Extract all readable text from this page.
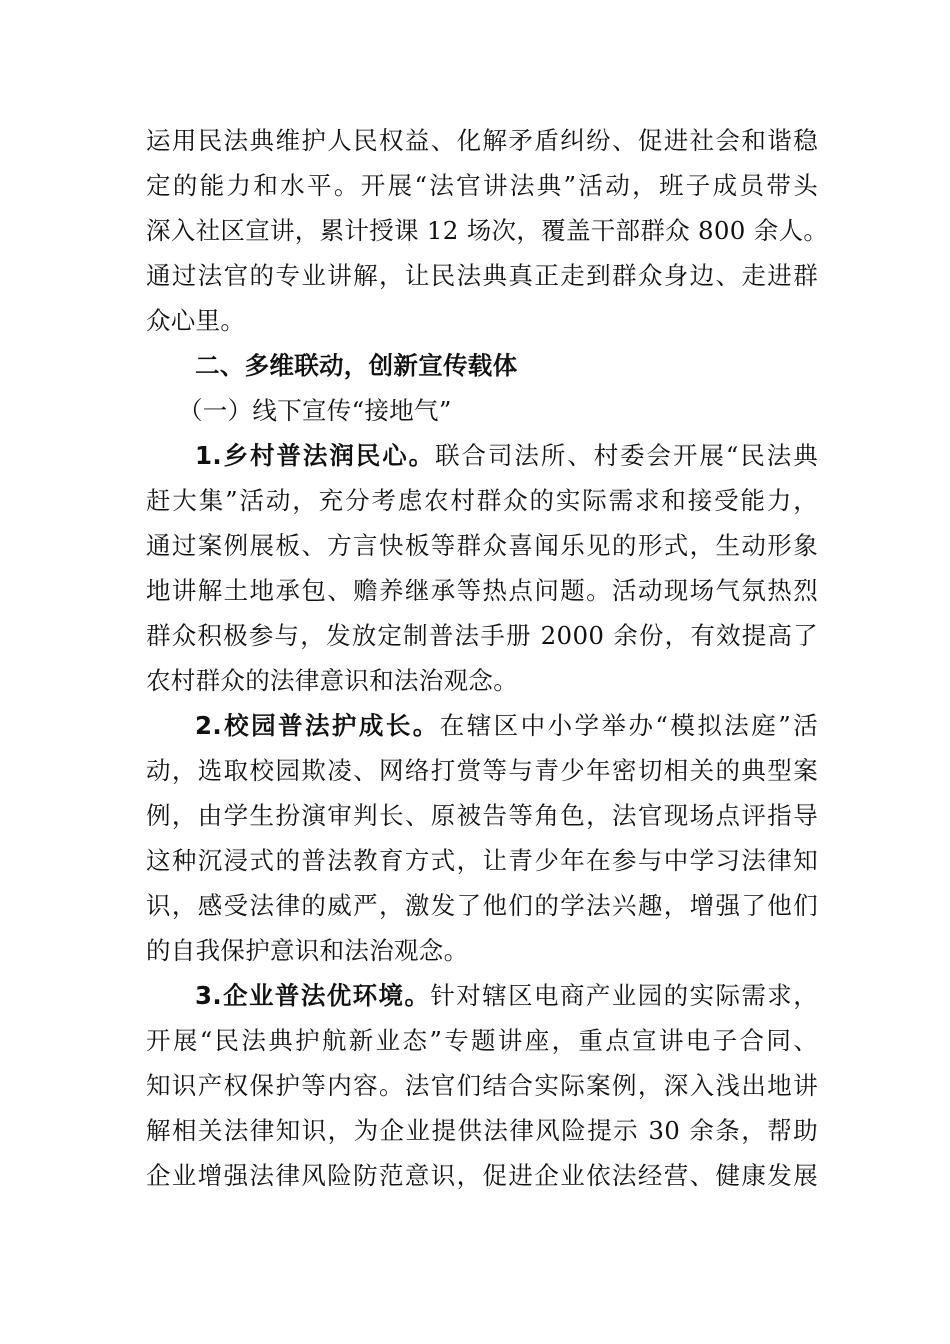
运用民法典维护人民权益、化解矛盾纠纷、促进社会和谐稳
定的能力和水平。开展“法官讲法典”活动，班子成员带头
深入社区宣讲，累计授课 12 场次，覆盖干部群众 800 余人。
通过法官的专业讲解，让民法典真正走到群众身边、走进群
众心里。
二、多维联动，创新宣传载体
（一）线下宣传“接地气”
1.乡村普法润民心。联合司法所、村委会开展“民法典
赶大集”活动，充分考虑农村群众的实际需求和接受能力，
通过案例展板、方言快板等群众喜闻乐见的形式，生动形象
地讲解土地承包、赡养继承等热点问题。活动现场气氛热烈
群众积极参与，发放定制普法手册 2000 余份，有效提高了
农村群众的法律意识和法治观念。
2.校园普法护成长。在辖区中小学举办“模拟法庭”活
动，选取校园欺凌、网络打赏等与青少年密切相关的典型案
例，由学生扮演审判长、原被告等角色，法官现场点评指导
这种沉浸式的普法教育方式，让青少年在参与中学习法律知
识，感受法律的威严，激发了他们的学法兴趣，增强了他们
的自我保护意识和法治观念。
3.企业普法优环境。针对辖区电商产业园的实际需求，
开展“民法典护航新业态”专题讲座，重点宣讲电子合同、
知识产权保护等内容。法官们结合实际案例，深入浅出地讲
解相关法律知识，为企业提供法律风险提示 30 余条，帮助
企业增强法律风险防范意识，促进企业依法经营、健康发展
